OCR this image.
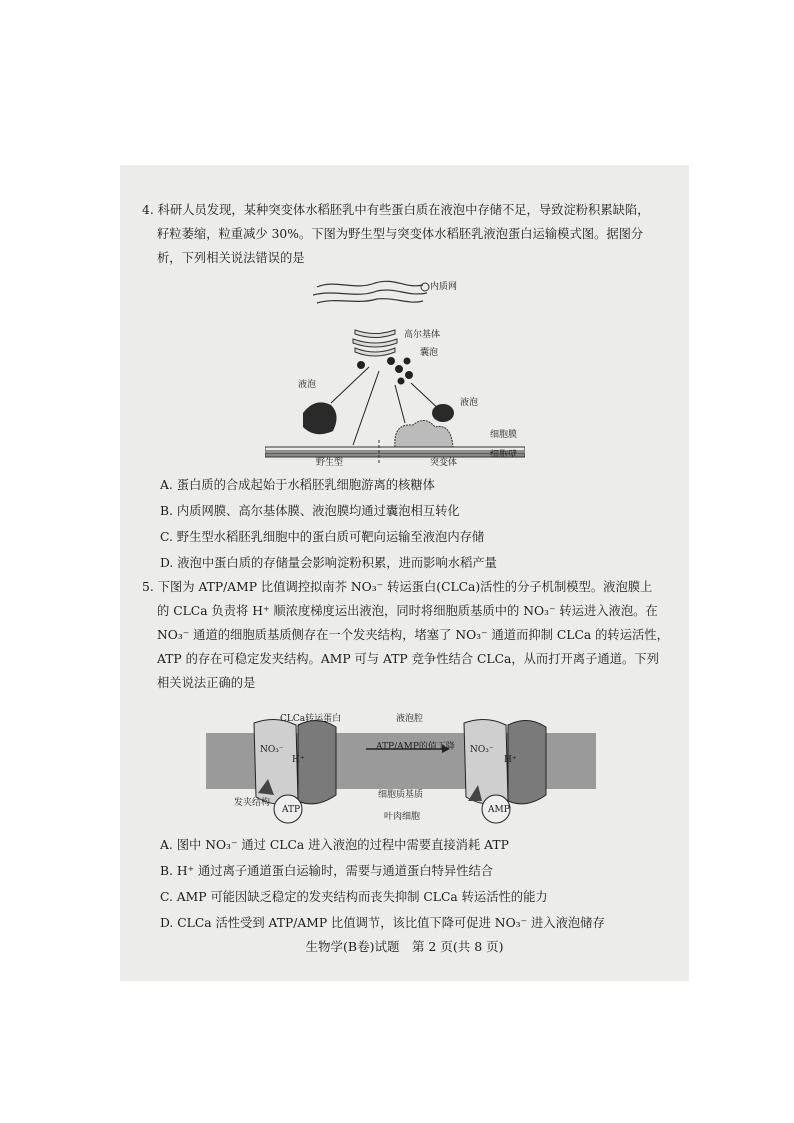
4. 科研人员发现，某种突变体水稻胚乳中有些蛋白质在液泡中存储不足，导致淀粉积累缺陷，
籽粒萎缩，粒重减少 30%。下图为野生型与突变体水稻胚乳液泡蛋白运输模式图。据图分
析，下列相关说法错误的是
内质网
高尔基体
囊泡
液泡
液泡
细胞膜
细胞壁
野生型	突变体
A. 蛋白质的合成起始于水稻胚乳细胞游离的核糖体
B. 内质网膜、高尔基体膜、液泡膜均通过囊泡相互转化
C. 野生型水稻胚乳细胞中的蛋白质可靶向运输至液泡内存储
D. 液泡中蛋白质的存储量会影响淀粉积累，进而影响水稻产量
5. 下图为 ATP/AMP 比值调控拟南芥 NO₃⁻ 转运蛋白(CLCa)活性的分子机制模型。液泡膜上
的 CLCa 负责将 H⁺ 顺浓度梯度运出液泡，同时将细胞质基质中的 NO₃⁻ 转运进入液泡。在
NO₃⁻ 通道的细胞质基质侧存在一个发夹结构，堵塞了 NO₃⁻ 通道而抑制 CLCa 的转运活性，
ATP 的存在可稳定发夹结构。AMP 可与 ATP 竞争性结合 CLCa，从而打开离子通道。下列
相关说法正确的是
CLCa转运蛋白	液泡腔
ATP/AMP的值下降
NO₃⁻
H⁺
NO₃⁻
H⁺
发夹结构
ATP	AMP
细胞质基质
叶肉细胞
A. 图中 NO₃⁻ 通过 CLCa 进入液泡的过程中需要直接消耗 ATP
B. H⁺ 通过离子通道蛋白运输时，需要与通道蛋白特异性结合
C. AMP 可能因缺乏稳定的发夹结构而丧失抑制 CLCa 转运活性的能力
D. CLCa 活性受到 ATP/AMP 比值调节，该比值下降可促进 NO₃⁻ 进入液泡储存
生物学(B卷)试题　第 2 页(共 8 页)
